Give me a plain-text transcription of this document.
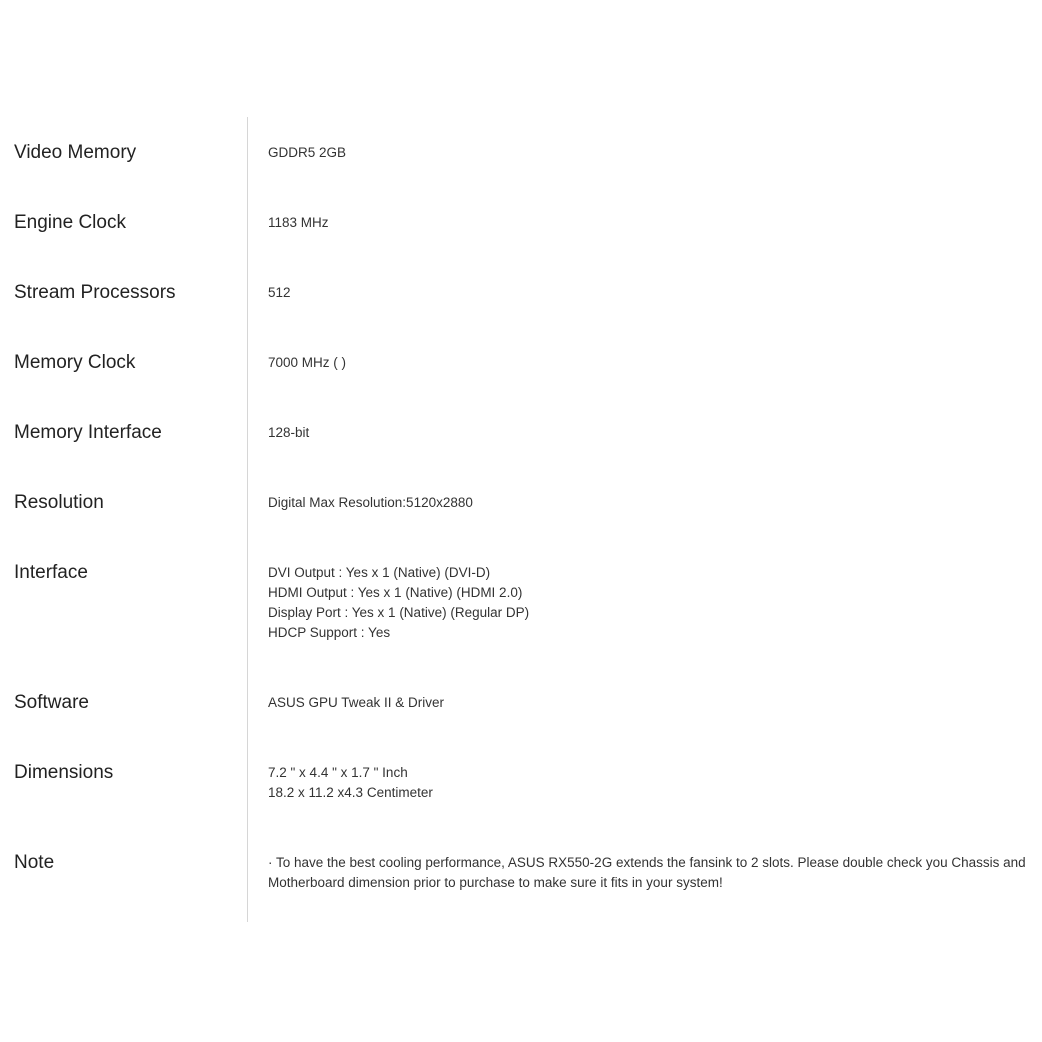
Video Memory	GDDR5 2GB
Engine Clock	1183 MHz
Stream Processors	512
Memory Clock	7000 MHz ( )
Memory Interface	128-bit
Resolution	Digital Max Resolution:5120x2880
Interface	DVI Output : Yes x 1 (Native) (DVI-D)
HDMI Output : Yes x 1 (Native) (HDMI 2.0)
Display Port : Yes x 1 (Native) (Regular DP)
HDCP Support : Yes
Software	ASUS GPU Tweak II & Driver
Dimensions	7.2 " x 4.4 " x 1.7 " Inch
18.2 x 11.2 x4.3 Centimeter
Note	· To have the best cooling performance, ASUS RX550-2G extends the fansink to 2 slots. Please double check you Chassis and
Motherboard dimension prior to purchase to make sure it fits in your system!
